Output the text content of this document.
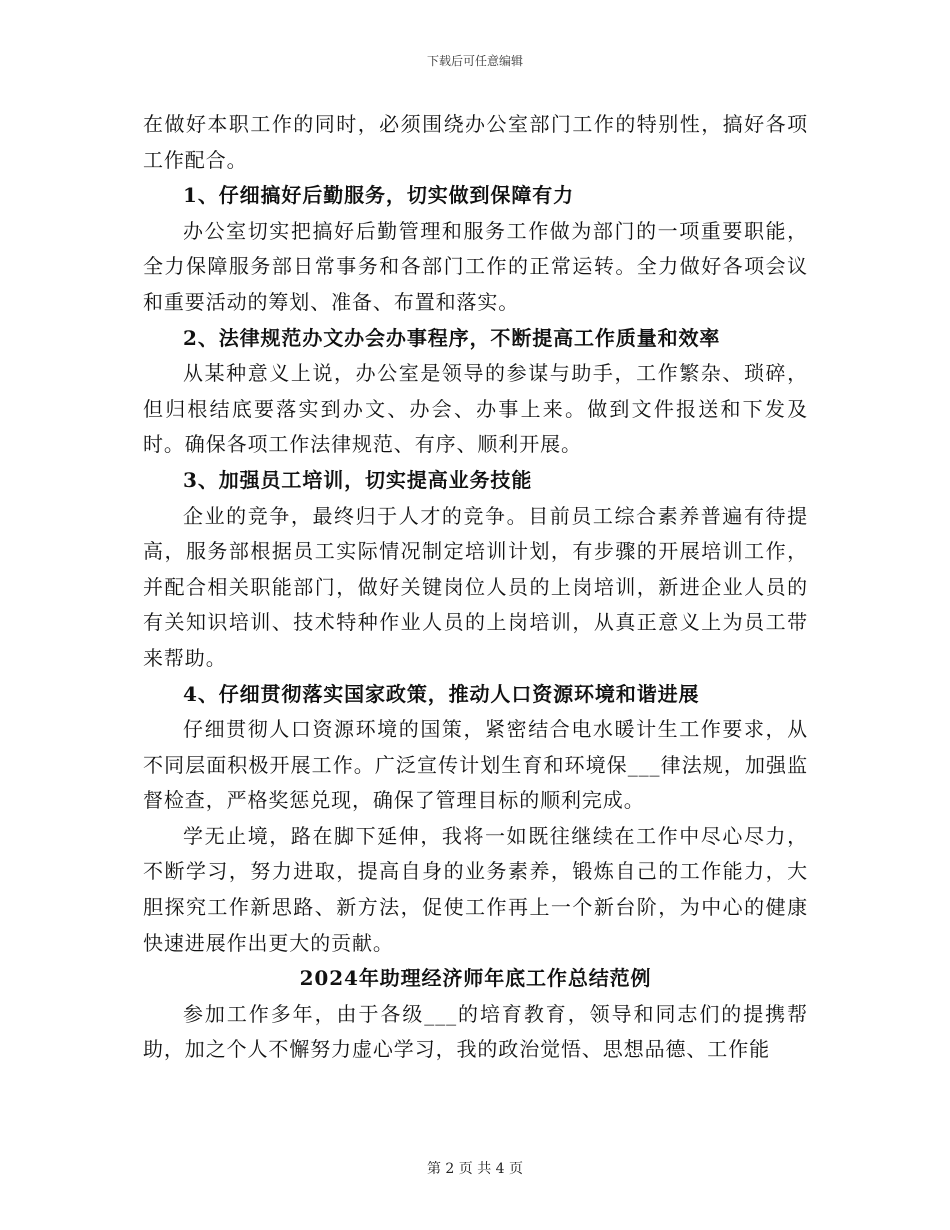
下载后可任意编辑

在做好本职工作的同时，必须围绕办公室部门工作的特别性，搞好各项工作配合。

1、仔细搞好后勤服务，切实做到保障有力

办公室切实把搞好后勤管理和服务工作做为部门的一项重要职能，全力保障服务部日常事务和各部门工作的正常运转。全力做好各项会议和重要活动的筹划、准备、布置和落实。

2、法律规范办文办会办事程序，不断提高工作质量和效率

从某种意义上说，办公室是领导的参谋与助手，工作繁杂、琐碎，但归根结底要落实到办文、办会、办事上来。做到文件报送和下发及时。确保各项工作法律规范、有序、顺利开展。

3、加强员工培训，切实提高业务技能

企业的竞争，最终归于人才的竞争。目前员工综合素养普遍有待提高，服务部根据员工实际情况制定培训计划，有步骤的开展培训工作，并配合相关职能部门，做好关键岗位人员的上岗培训，新进企业人员的有关知识培训、技术特种作业人员的上岗培训，从真正意义上为员工带来帮助。

4、仔细贯彻落实国家政策，推动人口资源环境和谐进展

仔细贯彻人口资源环境的国策，紧密结合电水暖计生工作要求，从不同层面积极开展工作。广泛宣传计划生育和环境保___律法规，加强监督检查，严格奖惩兑现，确保了管理目标的顺利完成。

学无止境，路在脚下延伸，我将一如既往继续在工作中尽心尽力，不断学习，努力进取，提高自身的业务素养，锻炼自己的工作能力，大胆探究工作新思路、新方法，促使工作再上一个新台阶，为中心的健康快速进展作出更大的贡献。

2024年助理经济师年底工作总结范例

参加工作多年，由于各级___的培育教育，领导和同志们的提携帮助，加之个人不懈努力虚心学习，我的政治觉悟、思想品德、工作能

第 2 页 共 4 页
